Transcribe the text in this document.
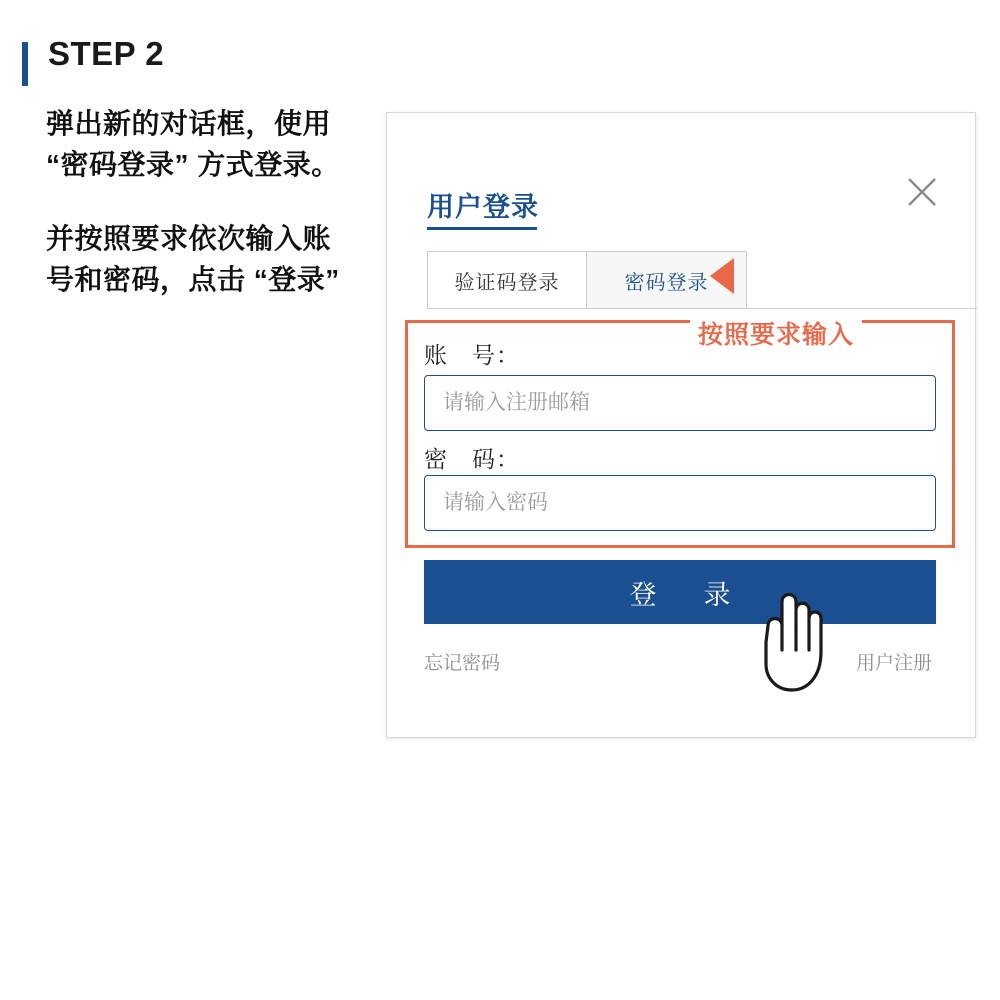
STEP 2
弹出新的对话框，使用 “密码登录” 方式登录。
并按照要求依次输入账号和密码，点击 “登录”
用户登录
验证码登录	密码登录
按照要求输入
账　号：
请输入注册邮箱
密　码：
请输入密码
登　录
忘记密码	用户注册
